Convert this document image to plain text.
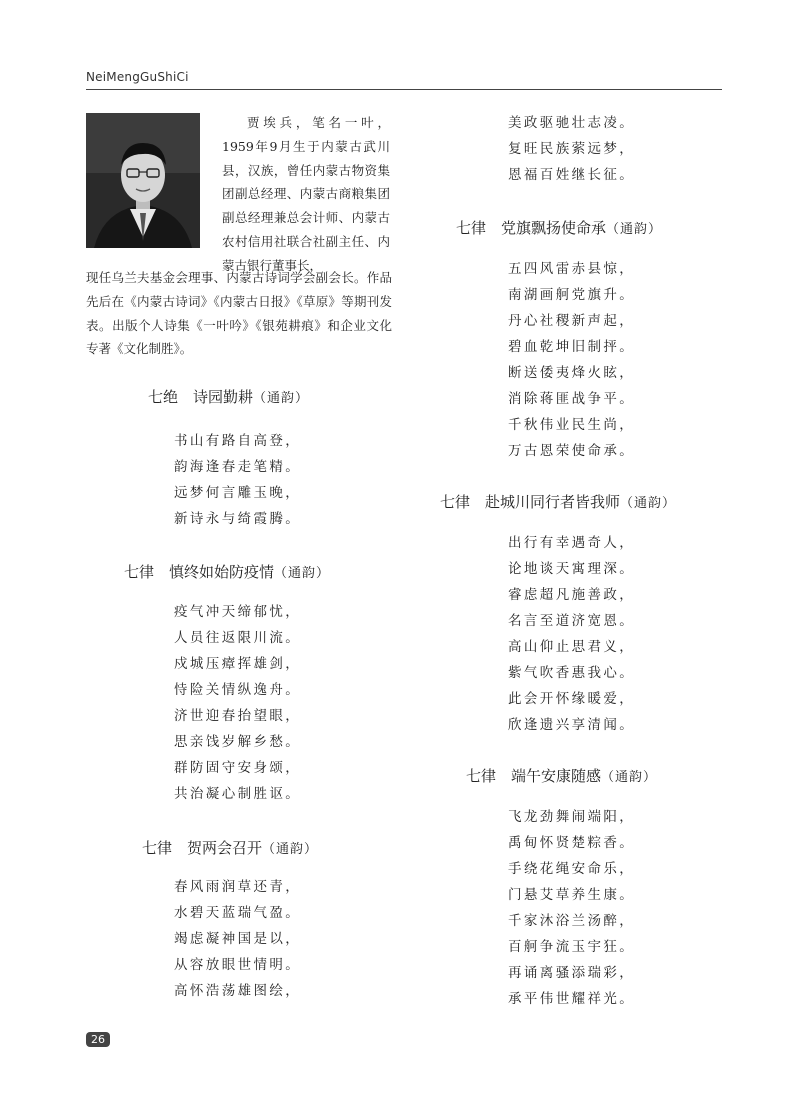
NeiMengGuShiCi
贾埃兵，笔名一叶，1959年9月生于内蒙古武川县，汉族，曾任内蒙古物资集团副总经理、内蒙古商粮集团副总经理兼总会计师、内蒙古农村信用社联合社副主任、内蒙古银行董事长，
现任乌兰夫基金会理事、内蒙古诗词学会副会长。作品先后在《内蒙古诗词》《内蒙古日报》《草原》等期刊发表。出版个人诗集《一叶吟》《银苑耕痕》和企业文化专著《文化制胜》。
七绝　诗园勤耕（通韵）
书山有路自高登，
韵海逢春走笔精。
远梦何言雕玉晚，
新诗永与绮霞腾。
七律　慎终如始防疫情（通韵）
疫气冲天缔郁忧，
人员往返限川流。
戍城压瘴挥雄剑，
恃险关情纵逸舟。
济世迎春抬望眼，
思亲饯岁解乡愁。
群防固守安身颂，
共治凝心制胜讴。
七律　贺两会召开（通韵）
春风雨润草还青，
水碧天蓝瑞气盈。
竭虑凝神国是以，
从容放眼世情明。
高怀浩荡雄图绘，
美政驱驰壮志凌。
复旺民族萦远梦，
恩福百姓继长征。
七律　党旗飘扬使命承（通韵）
五四风雷赤县惊，
南湖画舸党旗升。
丹心社稷新声起，
碧血乾坤旧制抨。
断送倭夷烽火眩，
消除蒋匪战争平。
千秋伟业民生尚，
万古恩荣使命承。
七律　赴城川同行者皆我师（通韵）
出行有幸遇奇人，
论地谈天寓理深。
睿虑超凡施善政，
名言至道济宽恩。
高山仰止思君义，
紫气吹香惠我心。
此会开怀缘暖爱，
欣逢遗兴享清闻。
七律　端午安康随感（通韵）
飞龙劲舞闹端阳，
禹甸怀贤楚粽香。
手绕花绳安命乐，
门悬艾草养生康。
千家沐浴兰汤醉，
百舸争流玉宇狂。
再诵离骚添瑞彩，
承平伟世耀祥光。
26
